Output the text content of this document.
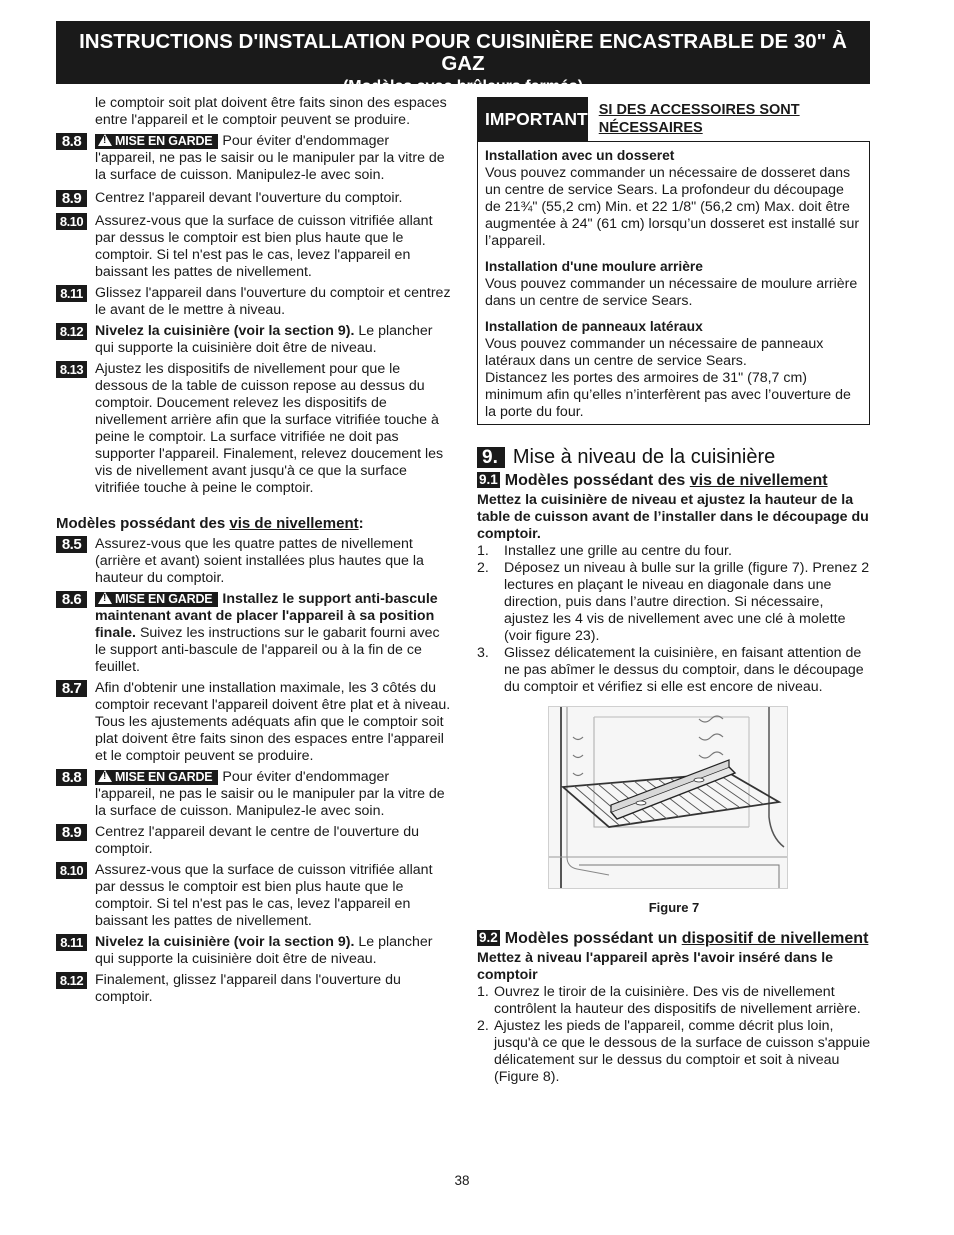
INSTRUCTIONS D'INSTALLATION POUR CUISINIÈRE ENCASTRABLE DE 30" À GAZ
(Modèles avec brûleurs fermés)
le comptoir soit plat doivent être faits sinon des espaces entre l'appareil et le comptoir peuvent se produire.
8.8	! MISE EN GARDE Pour éviter d'endommager l'appareil, ne pas le saisir ou le manipuler par la vitre de la surface de cuisson. Manipulez-le avec soin.
8.9 Centrez l'appareil devant l'ouverture du comptoir.
8.10 Assurez-vous que la surface de cuisson vitrifiée allant par dessus le comptoir est bien plus haute que le comptoir. Si tel n'est pas le cas, levez l'appareil en baissant les pattes de nivellement.
8.11 Glissez l'appareil dans l'ouverture du comptoir et centrez le avant de le mettre à niveau.
8.12 Nivelez la cuisinière (voir la section 9). Le plancher qui supporte la cuisinière doit être de niveau.
8.13 Ajustez les dispositifs de nivellement pour que le dessous de la table de cuisson repose au dessus du comptoir. Doucement relevez les dispositifs de nivellement arrière afin que la surface vitrifiée touche à peine le comptoir. La surface vitrifiée ne doit pas supporter l'appareil. Finalement, relevez doucement les vis de nivellement avant jusqu'à ce que la surface vitrifiée touche à peine le comptoir.
Modèles possédant des vis de nivellement:
8.5 Assurez-vous que les quatre pattes de nivellement (arrière et avant) soient installées plus hautes que la hauteur du comptoir.
8.6	! MISE EN GARDE Installez le support anti-bascule maintenant avant de placer l'appareil à sa position finale. Suivez les instructions sur le gabarit fourni avec le support anti-bascule de l'appareil ou à la fin de ce feuillet.
8.7 Afin d'obtenir une installation maximale, les 3 côtés du comptoir recevant l'appareil doivent être plat et à niveau. Tous les ajustements adéquats afin que le comptoir soit plat doivent être faits sinon des espaces entre l'appareil et le comptoir peuvent se produire.
8.8	! MISE EN GARDE Pour éviter d'endommager l'appareil, ne pas le saisir ou le manipuler par la vitre de la surface de cuisson. Manipulez-le avec soin.
8.9 Centrez l'appareil devant le centre de l'ouverture du comptoir.
8.10 Assurez-vous que la surface de cuisson vitrifiée allant par dessus le comptoir est bien plus haute que le comptoir. Si tel n'est pas le cas, levez l'appareil en baissant les pattes de nivellement.
8.11 Nivelez la cuisinière (voir la section 9). Le plancher qui supporte la cuisinière doit être de niveau.
8.12 Finalement, glissez l'appareil dans l'ouverture du comptoir.
IMPORTANT SI DES ACCESSOIRES SONT NÉCESSAIRES

Installation avec un dosseret
Vous pouvez commander un nécessaire de dosseret dans un centre de service Sears. La profondeur du découpage de 21¾" (55,2 cm) Min. et 22 1/8" (56,2 cm) Max. doit être augmentée à 24" (61 cm) lorsqu’un dosseret est installé sur l’appareil.

Installation d'une moulure arrière
Vous pouvez commander un nécessaire de moulure arrière dans un centre de service Sears.

Installation de panneaux latéraux
Vous pouvez commander un nécessaire de panneaux latéraux dans un centre de service Sears.
Distancez les portes des armoires de 31" (78,7 cm) minimum afin qu’elles n’interfèrent pas avec l’ouverture de la porte du four.

9. Mise à niveau de la cuisinière
9.1 Modèles possédant des vis de nivellement
Mettez la cuisinière de niveau et ajustez la hauteur de la table de cuisson avant de l’installer dans le découpage du comptoir.
1. Installez une grille au centre du four.
2. Déposez un niveau à bulle sur la grille (figure 7). Prenez 2 lectures en plaçant le niveau en diagonale dans une direction, puis dans l’autre direction. Si nécessaire, ajustez les 4 vis de nivellement avec une clé à molette (voir figure 23).
3. Glissez délicatement la cuisinière, en faisant attention de ne pas abîmer le dessus du comptoir, dans le découpage du comptoir et vérifiez si elle est encore de niveau.
Figure 7
9.2 Modèles possédant un dispositif de nivellement
Mettez à niveau l'appareil après l'avoir inséré dans le comptoir
1. Ouvrez le tiroir de la cuisinière. Des vis de nivellement contrôlent la hauteur des dispositifs de nivellement arrière.
2. Ajustez les pieds de l'appareil, comme décrit plus loin, jusqu'à ce que le dessous de la surface de cuisson s'appuie délicatement sur le dessus du comptoir et soit à niveau (Figure 8).
38
